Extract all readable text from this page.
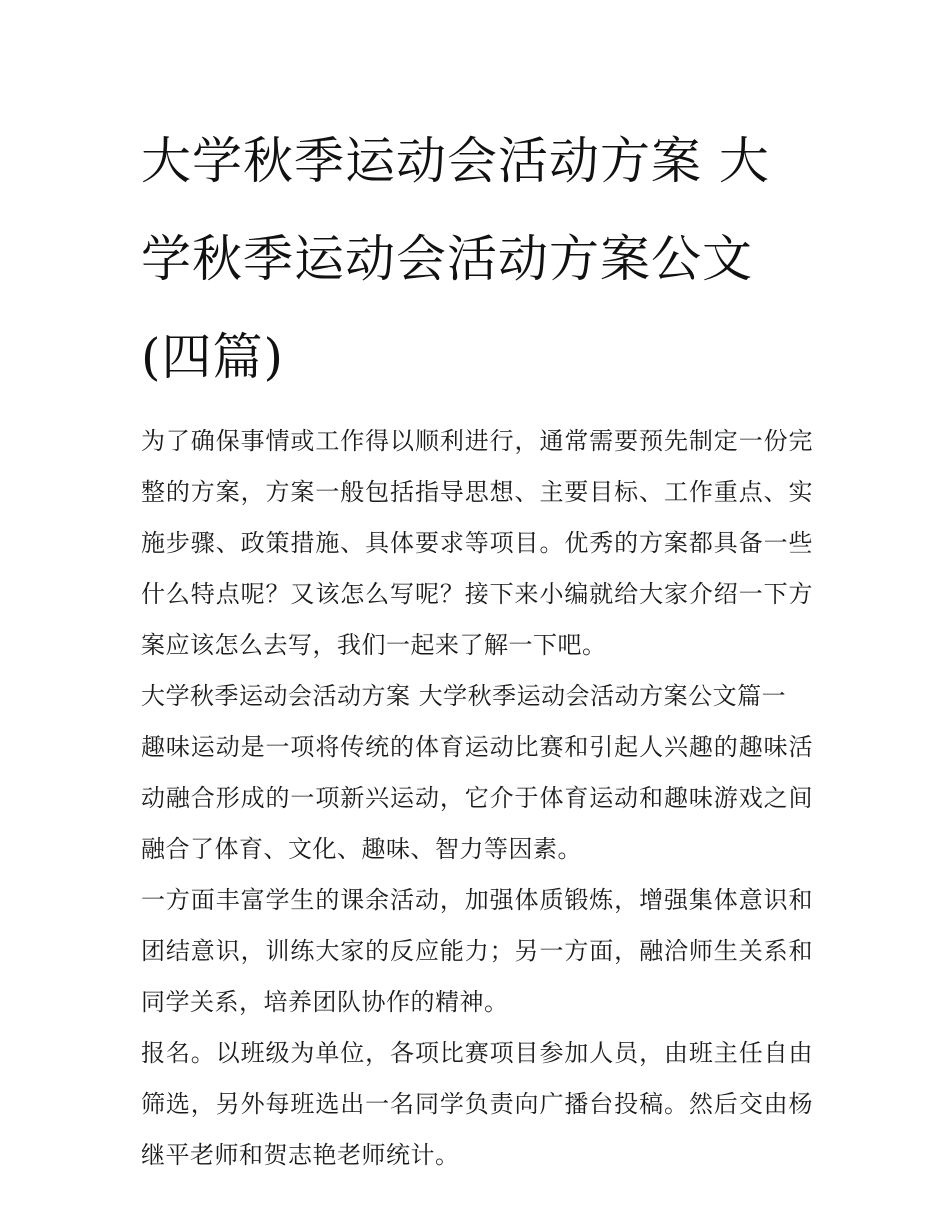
大学秋季运动会活动方案 大学秋季运动会活动方案公文(四篇)

为了确保事情或工作得以顺利进行，通常需要预先制定一份完整的方案，方案一般包括指导思想、主要目标、工作重点、实施步骤、政策措施、具体要求等项目。优秀的方案都具备一些什么特点呢？又该怎么写呢？接下来小编就给大家介绍一下方案应该怎么去写，我们一起来了解一下吧。

大学秋季运动会活动方案 大学秋季运动会活动方案公文篇一

趣味运动是一项将传统的体育运动比赛和引起人兴趣的趣味活动融合形成的一项新兴运动，它介于体育运动和趣味游戏之间融合了体育、文化、趣味、智力等因素。

一方面丰富学生的课余活动，加强体质锻炼，增强集体意识和团结意识，训练大家的反应能力；另一方面，融洽师生关系和同学关系，培养团队协作的精神。

报名。以班级为单位，各项比赛项目参加人员，由班主任自由筛选，另外每班选出一名同学负责向广播台投稿。然后交由杨继平老师和贺志艳老师统计。
